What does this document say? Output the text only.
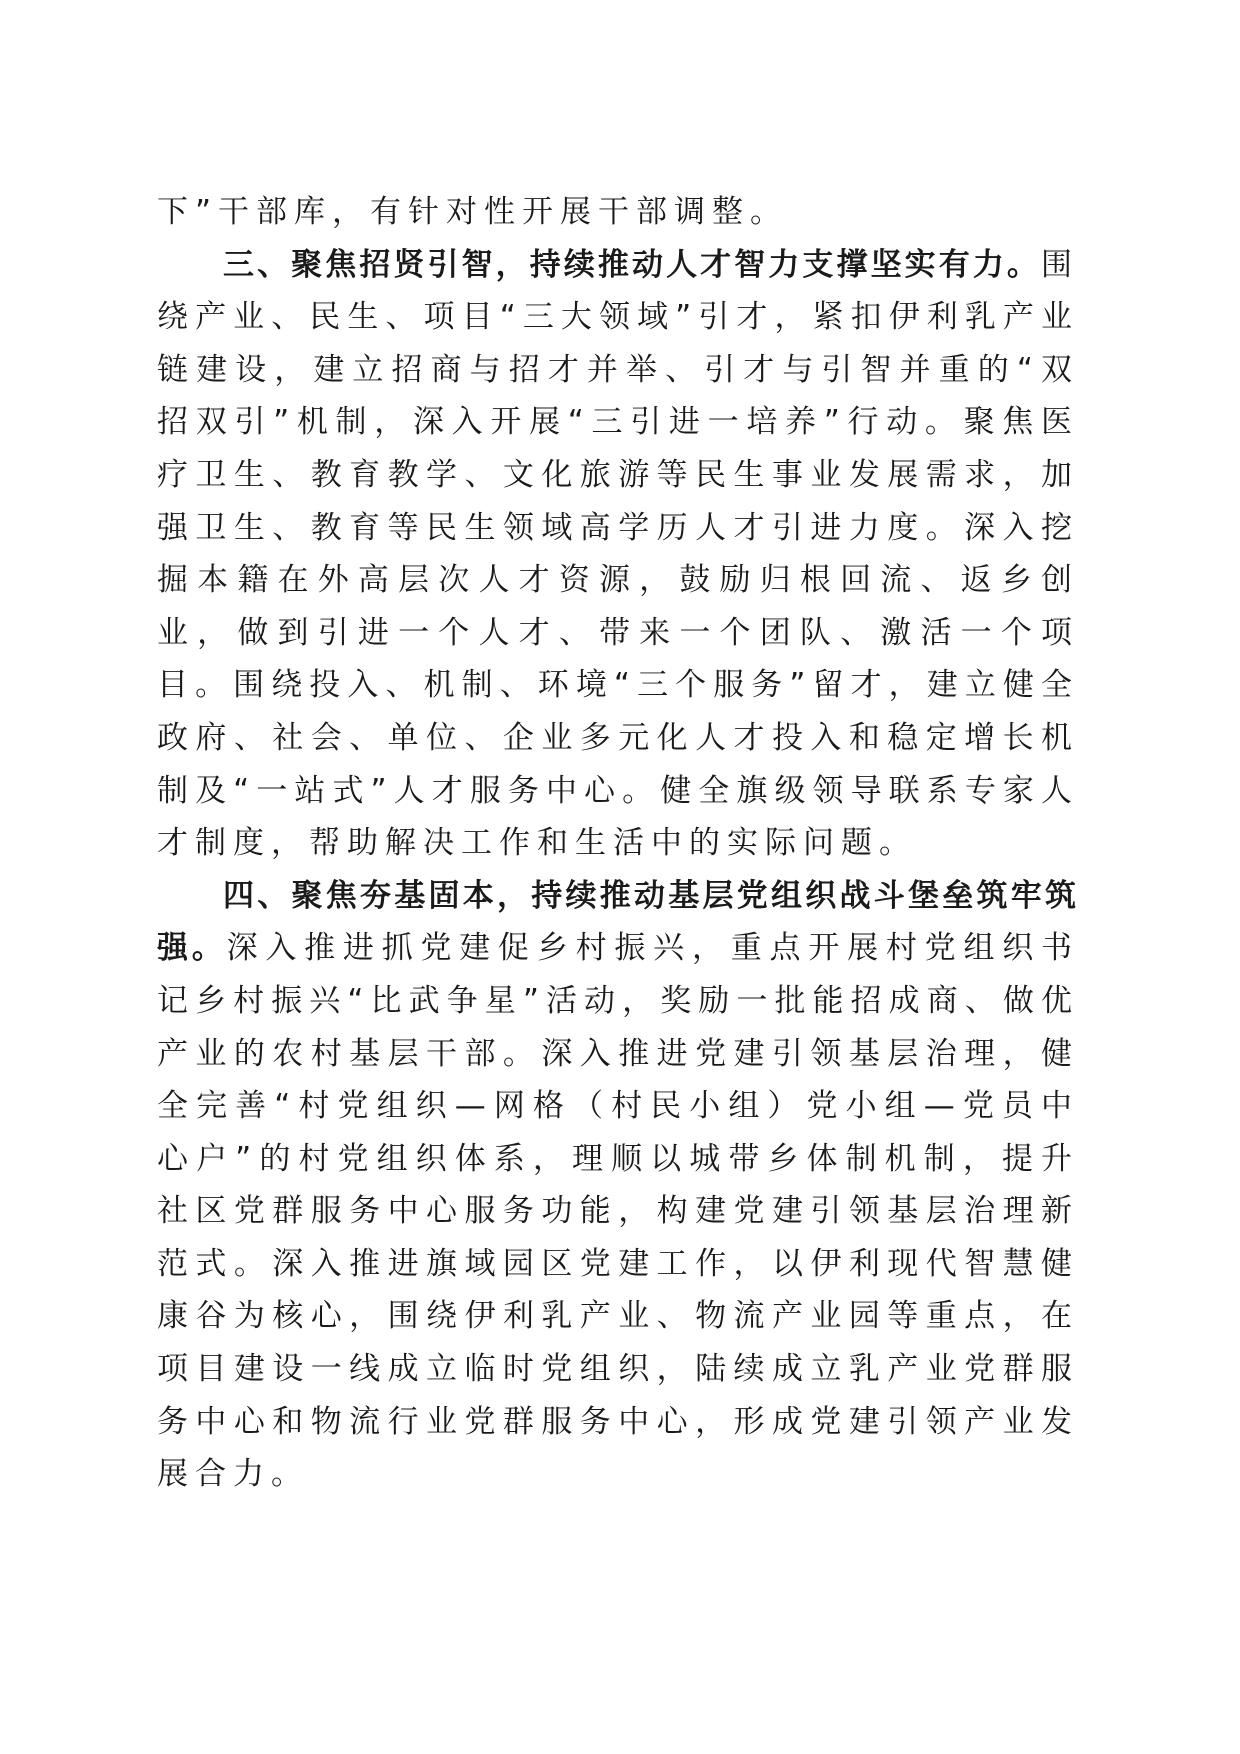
下”干部库，有针对性开展干部调整。

三、聚焦招贤引智，持续推动人才智力支撑坚实有力。围绕产业、民生、项目“三大领域”引才，紧扣伊利乳产业链建设，建立招商与招才并举、引才与引智并重的“双招双引”机制，深入开展“三引进一培养”行动。聚焦医疗卫生、教育教学、文化旅游等民生事业发展需求，加强卫生、教育等民生领域高学历人才引进力度。深入挖掘本籍在外高层次人才资源，鼓励归根回流、返乡创业，做到引进一个人才、带来一个团队、激活一个项目。围绕投入、机制、环境“三个服务”留才，建立健全政府、社会、单位、企业多元化人才投入和稳定增长机制及“一站式”人才服务中心。健全旗级领导联系专家人才制度，帮助解决工作和生活中的实际问题。

四、聚焦夯基固本，持续推动基层党组织战斗堡垒筑牢筑强。深入推进抓党建促乡村振兴，重点开展村党组织书记乡村振兴“比武争星”活动，奖励一批能招成商、做优产业的农村基层干部。深入推进党建引领基层治理，健全完善“村党组织—网格（村民小组）党小组—党员中心户”的村党组织体系，理顺以城带乡体制机制，提升社区党群服务中心服务功能，构建党建引领基层治理新范式。深入推进旗域园区党建工作，以伊利现代智慧健康谷为核心，围绕伊利乳产业、物流产业园等重点，在项目建设一线成立临时党组织，陆续成立乳产业党群服务中心和物流行业党群服务中心，形成党建引领产业发展合力。
